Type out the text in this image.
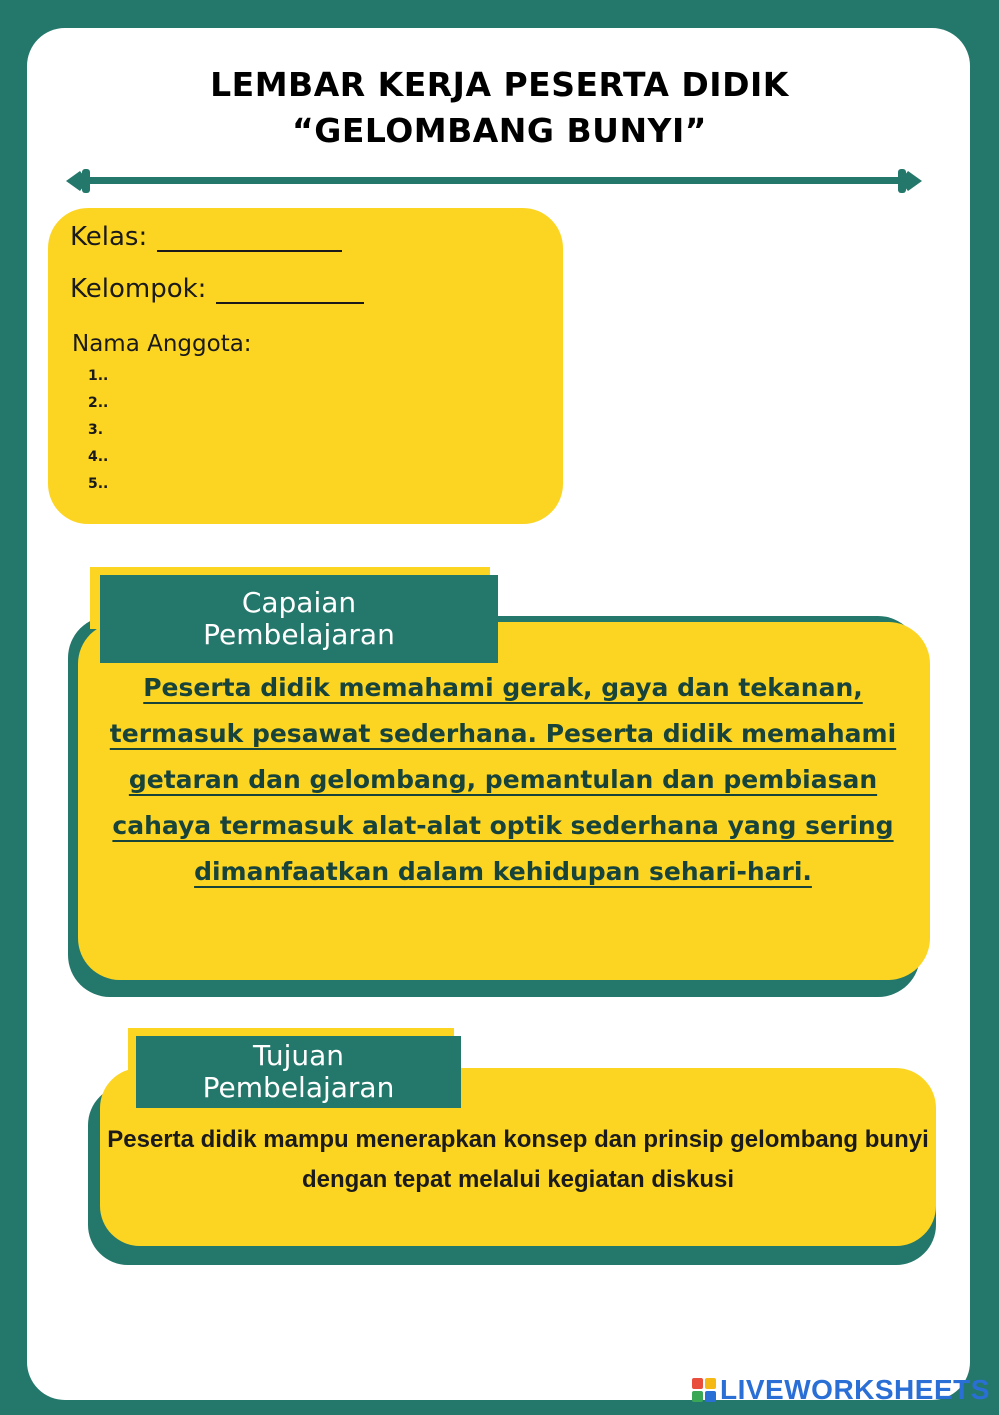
LEMBAR KERJA PESERTA DIDIK
“GELOMBANG BUNYI”
Kelas:
Kelompok:
Nama Anggota:
1..
2..
3.
4..
5..
Capaian
Pembelajaran
Peserta didik memahami gerak, gaya dan tekanan, termasuk pesawat sederhana. Peserta didik memahami getaran dan gelombang, pemantulan dan pembiasan cahaya termasuk alat-alat optik sederhana yang sering dimanfaatkan dalam kehidupan sehari-hari.
Tujuan
Pembelajaran
Peserta didik mampu menerapkan konsep dan prinsip gelombang bunyi dengan tepat melalui kegiatan diskusi
LIVEWORKSHEETS
